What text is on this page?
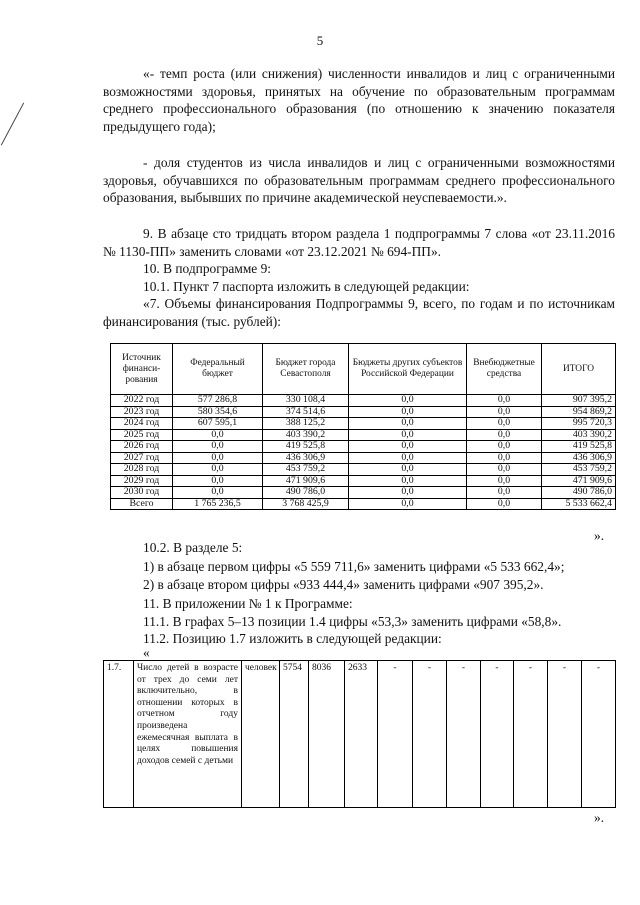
5
«- темп роста (или снижения) численности инвалидов и лиц с ограниченными возможностями здоровья, принятых на обучение по образовательным программам среднего профессионального образования (по отношению к значению показателя предыдущего года);
- доля студентов из числа инвалидов и лиц с ограниченными возможностями здоровья, обучавшихся по образовательным программам среднего профессионального образования, выбывших по причине академической неуспеваемости.».
9. В абзаце сто тридцать втором раздела 1 подпрограммы 7 слова «от 23.11.2016 № 1130-ПП» заменить словами «от 23.12.2021 № 694-ПП».
10. В подпрограмме 9:
10.1. Пункт 7 паспорта изложить в следующей редакции:
«7. Объемы финансирования Подпрограммы 9, всего, по годам и по источникам финансирования (тыс. рублей):
Источник финанси-рования	Федеральный бюджет	Бюджет города Севастополя	Бюджеты других субъектов Российской Федерации	Внебюджетные средства	ИТОГО
2022 год	577 286,8	330 108,4	0,0	0,0	907 395,2
2023 год	580 354,6	374 514,6	0,0	0,0	954 869,2
2024 год	607 595,1	388 125,2	0,0	0,0	995 720,3
2025 год	0,0	403 390,2	0,0	0,0	403 390,2
2026 год	0,0	419 525,8	0,0	0,0	419 525,8
2027 год	0,0	436 306,9	0,0	0,0	436 306,9
2028 год	0,0	453 759,2	0,0	0,0	453 759,2
2029 год	0,0	471 909,6	0,0	0,0	471 909,6
2030 год	0,0	490 786,0	0,0	0,0	490 786,0
Всего	1 765 236,5	3 768 425,9	0,0	0,0	5 533 662,4
».
10.2. В разделе 5:
1) в абзаце первом цифры «5 559 711,6» заменить цифрами «5 533 662,4»;
2) в абзаце втором цифры «933 444,4» заменить цифрами «907 395,2».
11. В приложении № 1 к Программе:
11.1. В графах 5–13 позиции 1.4 цифры «53,3» заменить цифрами «58,8».
11.2. Позицию 1.7 изложить в следующей редакции:
«
1.7.	Число детей в возрасте от трех до семи лет включительно, в отношении которых в отчетном году произведена ежемесячная выплата в целях повышения доходов семей с детьми	человек	5754	8036	2633	-	-	-	-	-	-	-
».
